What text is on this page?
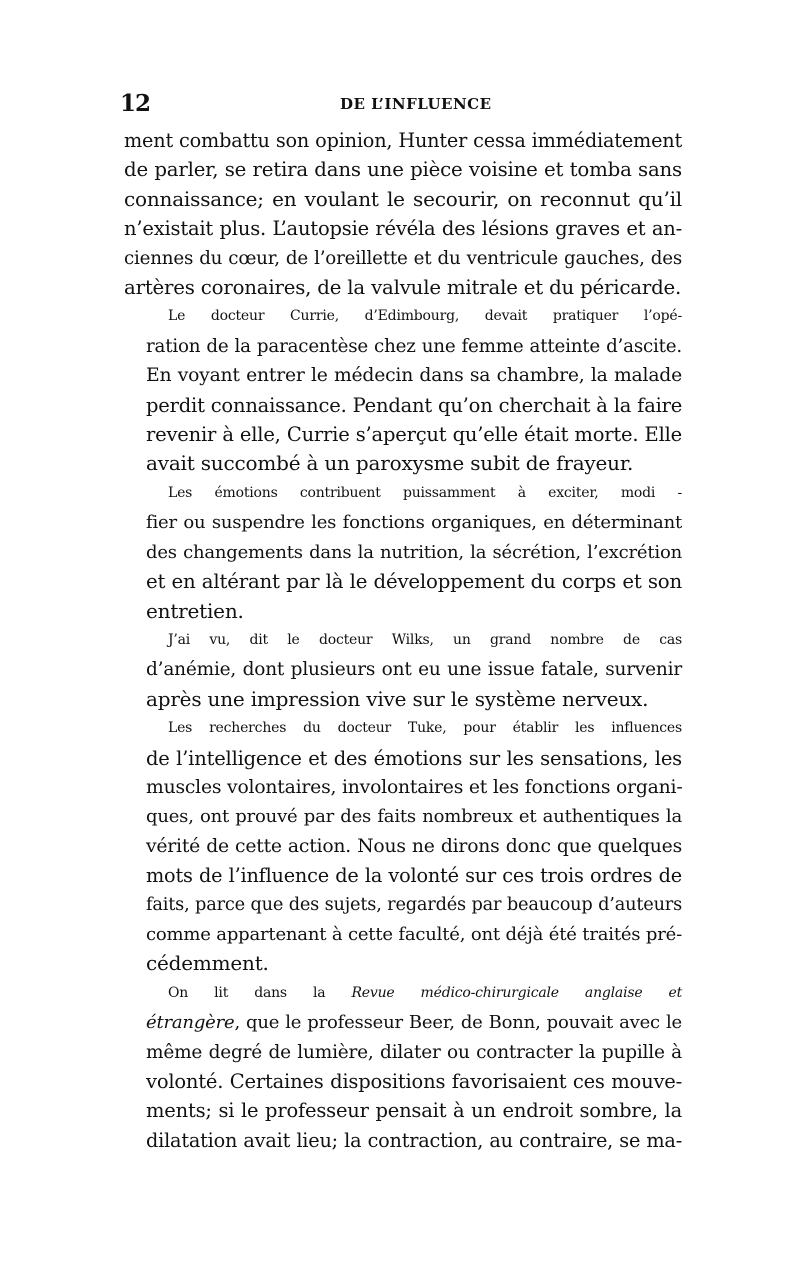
12	DE L’INFLUENCE

ment combattu son opinion, Hunter cessa immédiatement
de parler, se retira dans une pièce voisine et tomba sans
connaissance; en voulant le secourir, on reconnut qu’il
n’existait plus. L’autopsie révéla des lésions graves et an-
ciennes du cœur, de l’oreillette et du ventricule gauches, des
artères coronaires, de la valvule mitrale et du péricarde.

Le docteur Currie, d’Edimbourg, devait pratiquer l’opé-
ration de la paracentèse chez une femme atteinte d’ascite.
En voyant entrer le médecin dans sa chambre, la malade
perdit connaissance. Pendant qu’on cherchait à la faire
revenir à elle, Currie s’aperçut qu’elle était morte. Elle
avait succombé à un paroxysme subit de frayeur.

Les émotions contribuent puissamment à exciter, modi -
fier ou suspendre les fonctions organiques, en déterminant
des changements dans la nutrition, la sécrétion, l’excrétion
et en altérant par là le développement du corps et son
entretien.

J’ai vu, dit le docteur Wilks, un grand nombre de cas
d’anémie, dont plusieurs ont eu une issue fatale, survenir
après une impression vive sur le système nerveux.

Les recherches du docteur Tuke, pour établir les influences
de l’intelligence et des émotions sur les sensations, les
muscles volontaires, involontaires et les fonctions organi-
ques, ont prouvé par des faits nombreux et authentiques la
vérité de cette action. Nous ne dirons donc que quelques
mots de l’influence de la volonté sur ces trois ordres de
faits, parce que des sujets, regardés par beaucoup d’auteurs
comme appartenant à cette faculté, ont déjà été traités pré-
cédemment.

On lit dans la Revue médico-chirurgicale anglaise et
étrangère, que le professeur Beer, de Bonn, pouvait avec le
même degré de lumière, dilater ou contracter la pupille à
volonté. Certaines dispositions favorisaient ces mouve-
ments; si le professeur pensait à un endroit sombre, la
dilatation avait lieu; la contraction, au contraire, se ma-
